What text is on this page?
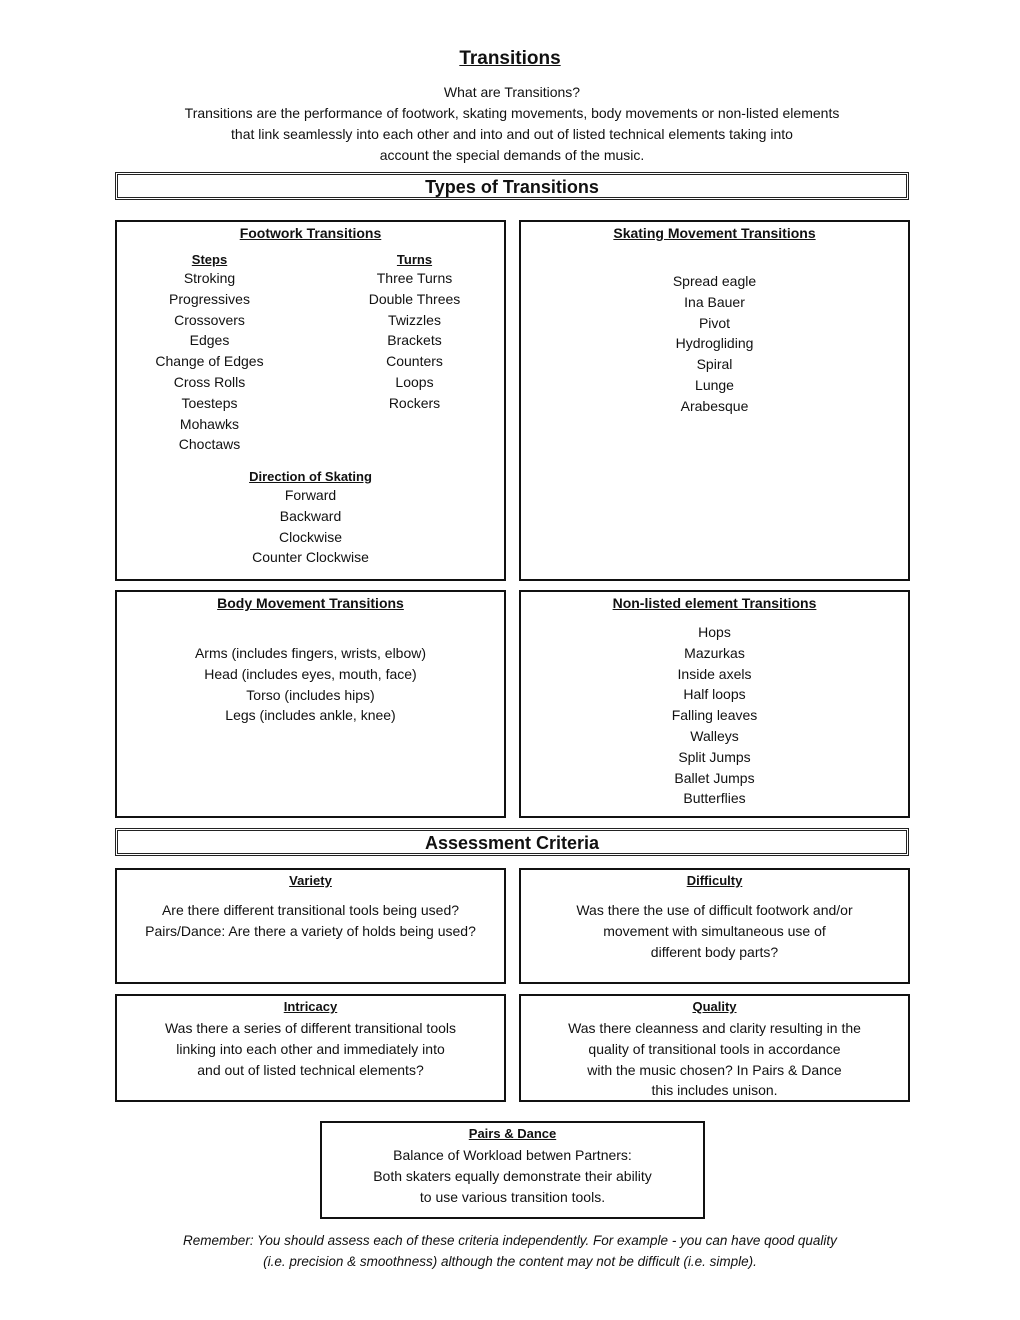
Transitions
What are Transitions?
Transitions are the performance of footwork, skating movements, body movements or non-listed elements
that link seamlessly into each other and into and out of listed technical elements taking into
account the special demands of the music.
Types of Transitions
Footwork Transitions
Steps
Stroking
Progressives
Crossovers
Edges
Change of Edges
Cross Rolls
Toesteps
Mohawks
Choctaws
Turns
Three Turns
Double Threes
Twizzles
Brackets
Counters
Loops
Rockers
Direction of Skating
Forward
Backward
Clockwise
Counter Clockwise
Skating Movement Transitions
Spread eagle
Ina Bauer
Pivot
Hydrogliding
Spiral
Lunge
Arabesque
Body Movement Transitions
Arms (includes fingers, wrists, elbow)
Head (includes eyes, mouth, face)
Torso (includes hips)
Legs (includes ankle, knee)
Non-listed element Transitions
Hops
Mazurkas
Inside axels
Half loops
Falling leaves
Walleys
Split Jumps
Ballet Jumps
Butterflies
Assessment Criteria
Variety
Are there different transitional tools being used?
Pairs/Dance: Are there a variety of holds being used?
Difficulty
Was there the use of difficult footwork and/or
movement with simultaneous use of
different body parts?
Intricacy
Was there a series of different transitional tools
linking into each other and immediately into
and out of listed technical elements?
Quality
Was there cleanness and clarity resulting in the
quality of transitional tools in accordance
with the music chosen? In Pairs & Dance
this includes unison.
Pairs & Dance
Balance of Workload betwen Partners:
Both skaters equally demonstrate their ability
to use various transition tools.
Remember: You should assess each of these criteria independently. For example - you can have qood quality
(i.e. precision & smoothness) although the content may not be difficult (i.e. simple).
